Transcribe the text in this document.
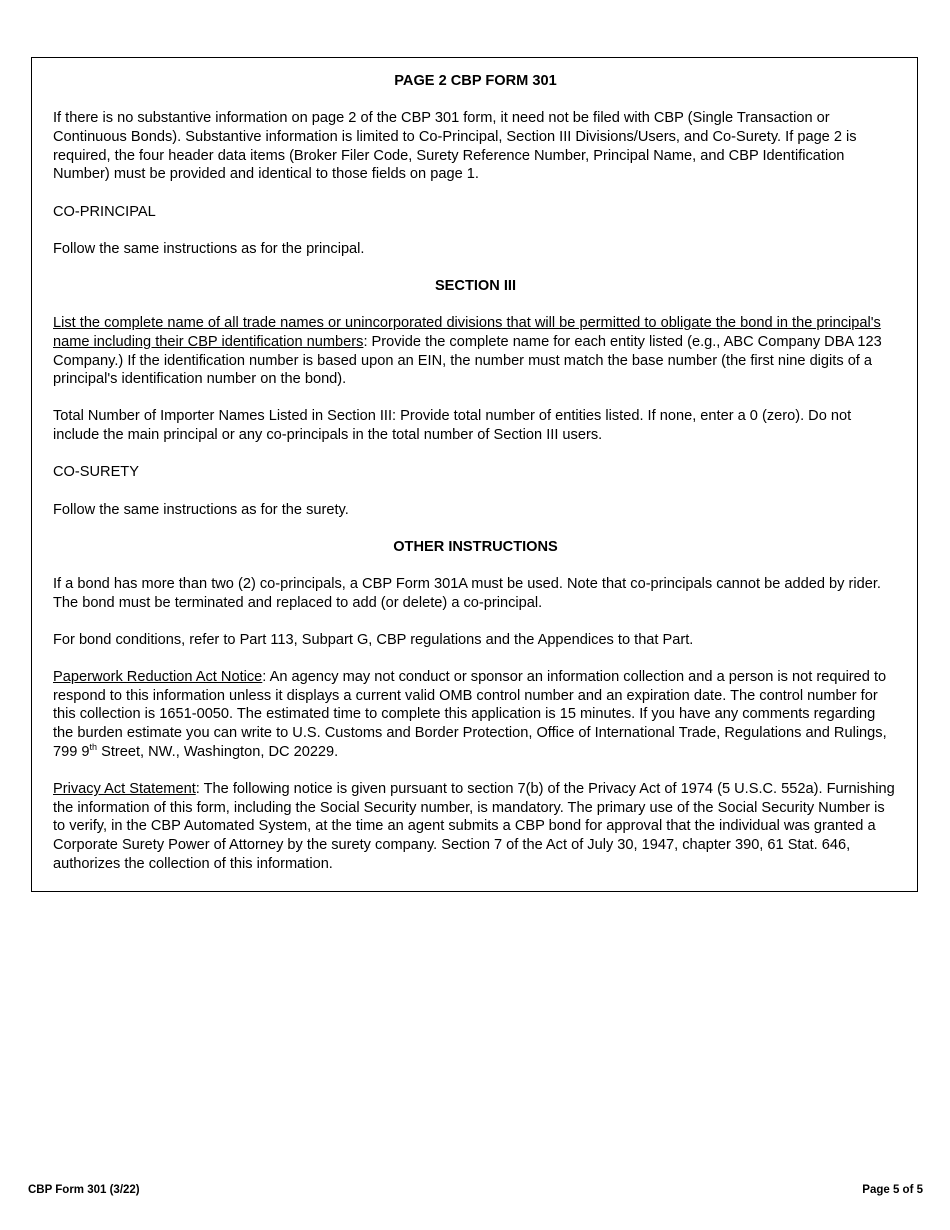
PAGE 2 CBP FORM 301

If there is no substantive information on page 2 of the CBP 301 form, it need not be filed with CBP (Single Transaction or Continuous Bonds). Substantive information is limited to Co-Principal, Section III Divisions/Users, and Co-Surety. If page 2 is required, the four header data items (Broker Filer Code, Surety Reference Number, Principal Name, and CBP Identification Number) must be provided and identical to those fields on page 1.

CO-PRINCIPAL

Follow the same instructions as for the principal.

SECTION III

List the complete name of all trade names or unincorporated divisions that will be permitted to obligate the bond in the principal's name including their CBP identification numbers: Provide the complete name for each entity listed (e.g., ABC Company DBA 123 Company.) If the identification number is based upon an EIN, the number must match the base number (the first nine digits of a principal's identification number on the bond).

Total Number of Importer Names Listed in Section III: Provide total number of entities listed. If none, enter a 0 (zero). Do not include the main principal or any co-principals in the total number of Section III users.

CO-SURETY

Follow the same instructions as for the surety.

OTHER INSTRUCTIONS

If a bond has more than two (2) co-principals, a CBP Form 301A must be used. Note that co-principals cannot be added by rider. The bond must be terminated and replaced to add (or delete) a co-principal.

For bond conditions, refer to Part 113, Subpart G, CBP regulations and the Appendices to that Part.

Paperwork Reduction Act Notice: An agency may not conduct or sponsor an information collection and a person is not required to respond to this information unless it displays a current valid OMB control number and an expiration date. The control number for this collection is 1651-0050. The estimated time to complete this application is 15 minutes. If you have any comments regarding the burden estimate you can write to U.S. Customs and Border Protection, Office of International Trade, Regulations and Rulings, 799 9th Street, NW., Washington, DC 20229.

Privacy Act Statement: The following notice is given pursuant to section 7(b) of the Privacy Act of 1974 (5 U.S.C. 552a). Furnishing the information of this form, including the Social Security number, is mandatory. The primary use of the Social Security Number is to verify, in the CBP Automated System, at the time an agent submits a CBP bond for approval that the individual was granted a Corporate Surety Power of Attorney by the surety company. Section 7 of the Act of July 30, 1947, chapter 390, 61 Stat. 646, authorizes the collection of this information.

CBP Form 301 (3/22)	Page 5 of 5
